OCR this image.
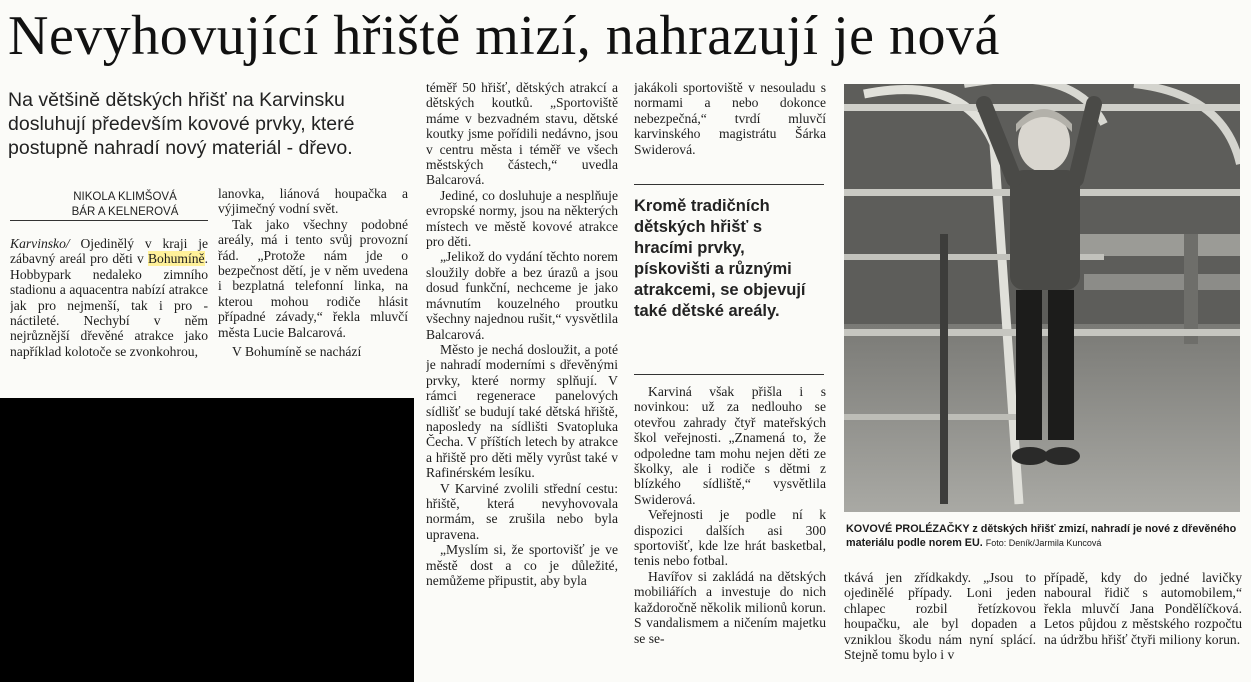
Nevyhovující hřiště mizí, nahrazují je nová
Na většině dětských hřišť na Karvinsku dosluhují především kovové prvky, které postupně nahradí nový materiál - dřevo.
NIKOLA KLIMŠOVÁ
BÁR A KELNEROVÁ

Karvinsko/ Ojedinělý v kraji je zábavný areál pro děti v Bohumíně. Hobbypark nedaleko zimního stadionu a aquacentra nabízí atrakce jak pro nejmenší, tak i pro -náctileté. Nechybí v něm nejrůznější dřevěné atrakce jako například kolotoče se zvonkohrou,

lanovka, liánová houpačka a výjimečný vodní svět.

Tak jako všechny podobné areály, má i tento svůj provozní řád. „Protože nám jde o bezpečnost dětí, je v něm uvedena i bezplatná telefonní linka, na kterou mohou rodiče hlásit případné závady,“ řekla mluvčí města Lucie Balcarová.

V Bohumíně se nachází

téměř 50 hřišť, dětských atrakcí a dětských koutků. „Sportoviště máme v bezvadném stavu, dětské koutky jsme pořídili nedávno, jsou v centru města i téměř ve všech městských částech,“ uvedla Balcarová.

Jediné, co dosluhuje a nesplňuje evropské normy, jsou na některých místech ve městě kovové atrakce pro děti.

„Jelikož do vydání těchto norem sloužily dobře a bez úrazů a jsou dosud funkční, nechceme je jako mávnutím kouzelného proutku všechny najednou rušit,“ vysvětlila Balcarová.

Město je nechá dosloužit, a poté je nahradí moderními s dřevěnými prvky, které normy splňují. V rámci regenerace panelových sídlišť se budují také dětská hřiště, naposledy na sídlišti Svatopluka Čecha. V příštích letech by atrakce a hřiště pro děti měly vyrůst také v Rafinérském lesíku.

V Karviné zvolili střední cestu: hřiště, která nevyhovovala normám, se zrušila nebo byla upravena.

„Myslím si, že sportovišť je ve městě dost a co je důležité, nemůžeme připustit, aby byla

jakákoli sportoviště v nesouladu s normami a nebo dokonce nebezpečná,“ tvrdí mluvčí karvinského magistrátu Šárka Swiderová.

Kromě tradičních dětských hřišť s hracími prvky, pískovišti a různými atrakcemi, se objevují také dětské areály.

Karviná však přišla i s novinkou: už za nedlouho se otevřou zahrady čtyř mateřských škol veřejnosti. „Znamená to, že odpoledne tam mohu nejen děti ze školky, ale i rodiče s dětmi z blízkého sídliště,“ vysvětlila Swiderová.

Veřejnosti je podle ní k dispozici dalších asi 300 sportovišť, kde lze hrát basketbal, tenis nebo fotbal.

Havířov si zakládá na dětských mobiliářích a investuje do nich každoročně několik milionů korun. S vandalismem a ničením majetku se se-

KOVOVÉ PROLÉZAČKY z dětských hřišť zmizí, nahradí je nové z dřevěného materiálu podle norem EU. Foto: Deník/Jarmila Kuncová

tkává jen zřídkakdy. „Jsou to ojedinělé případy. Loni jeden chlapec rozbil řetízkovou houpačku, ale byl dopaden a vzniklou škodu nám nyní splácí. Stejně tomu bylo i v

případě, kdy do jedné lavičky naboural řidič s automobilem,“ řekla mluvčí Jana Pondělíčková. Letos půjdou z městského rozpočtu na údržbu hřišť čtyři miliony korun.
